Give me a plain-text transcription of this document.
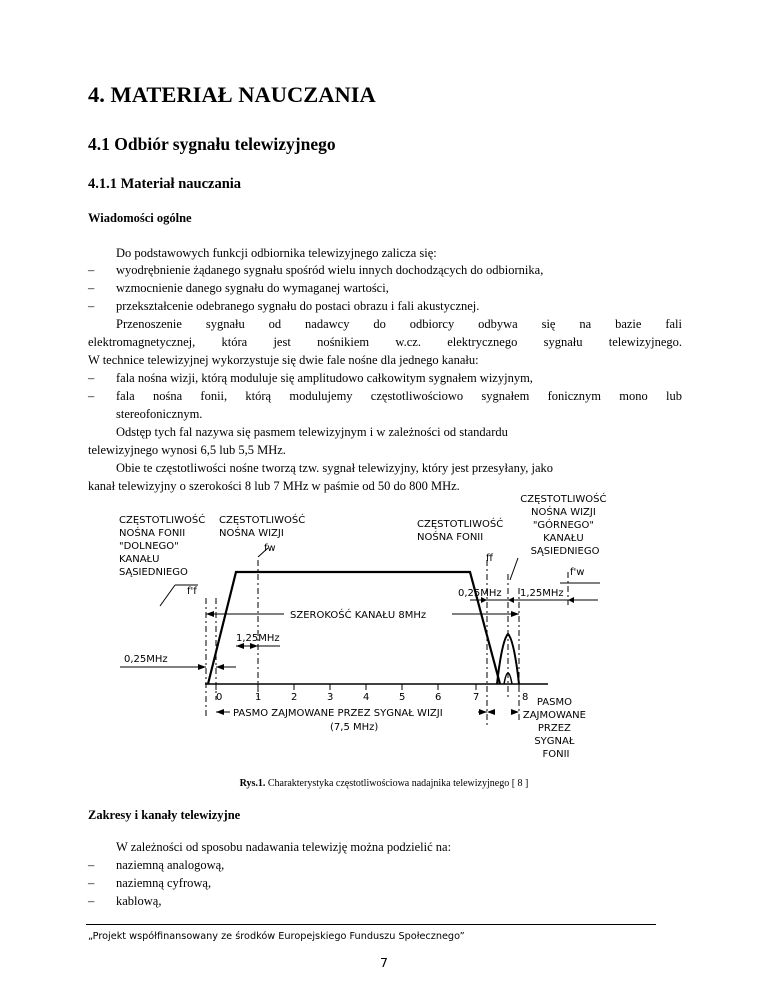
4. MATERIAŁ NAUCZANIA
4.1 Odbiór sygnału telewizyjnego
4.1.1 Materiał nauczania
Wiadomości ogólne
Do podstawowych funkcji odbiornika telewizyjnego zalicza się:
– wyodrębnienie żądanego sygnału spośród wielu innych dochodzących do odbiornika,
– wzmocnienie danego sygnału do wymaganej wartości,
– przekształcenie odebranego sygnału do postaci obrazu i fali akustycznej.
Przenoszenie sygnału od nadawcy do odbiorcy odbywa się na bazie fali
elektromagnetycznej, która jest nośnikiem w.cz. elektrycznego sygnału telewizyjnego.
W technice telewizyjnej wykorzystuje się dwie fale nośne dla jednego kanału:
– fala nośna wizji, którą moduluje się amplitudowo całkowitym sygnałem wizyjnym,
– fala nośna fonii, którą modulujemy częstotliwościowo sygnałem fonicznym mono lub
stereofonicznym.
Odstęp tych fal nazywa się pasmem telewizyjnym i w zależności od standardu
telewizyjnego wynosi 6,5 lub 5,5 MHz.
Obie te częstotliwości nośne tworzą tzw. sygnał telewizyjny, który jest przesyłany, jako
kanał telewizyjny o szerokości 8 lub 7 MHz w paśmie od 50 do 800 MHz.
CZĘSTOTLIWOŚĆ NOŚNA FONII "DOLNEGO" KANAŁU SĄSIEDNIEGO
CZĘSTOTLIWOŚĆ NOŚNA WIZJI
CZĘSTOTLIWOŚĆ NOŚNA FONII
CZĘSTOTLIWOŚĆ NOŚNA WIZJI "GÓRNEGO" KANAŁU SĄSIEDNIEGO
fw
ff
f'f
f'w
0,25MHz 1,25MHz
SZEROKOŚĆ KANAŁU 8MHz
0,25MHz
1,25MHz
0	1	2	3	4	5	6	7	8
PASMO ZAJMOWANE PRZEZ SYGNAŁ WIZJI
(7,5 MHz)
PASMO ZAJMOWANE PRZEZ SYGNAŁ FONII
Rys.1. Charakterystyka częstotliwościowa nadajnika telewizyjnego [ 8 ]
Zakresy i kanały telewizyjne
W zależności od sposobu nadawania telewizję można podzielić na:
– naziemną analogową,
– naziemną cyfrową,
– kablową,
„Projekt współfinansowany ze środków Europejskiego Funduszu Społecznego”
7
